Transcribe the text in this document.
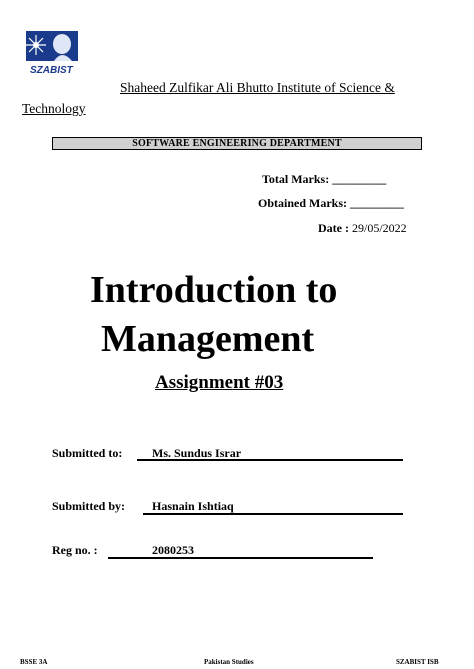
SZABIST
Shaheed Zulfikar Ali Bhutto Institute of Science &
Technology
SOFTWARE ENGINEERING DEPARTMENT
Total Marks: _________
Obtained Marks: _________
Date : 29/05/2022
Introduction to
Management
Assignment #03
Submitted to: Ms. Sundus Israr
Submitted by: Hasnain Ishtiaq
Reg no. :	2080253
BSSE 3A	Pakistan Studies	SZABIST ISB
